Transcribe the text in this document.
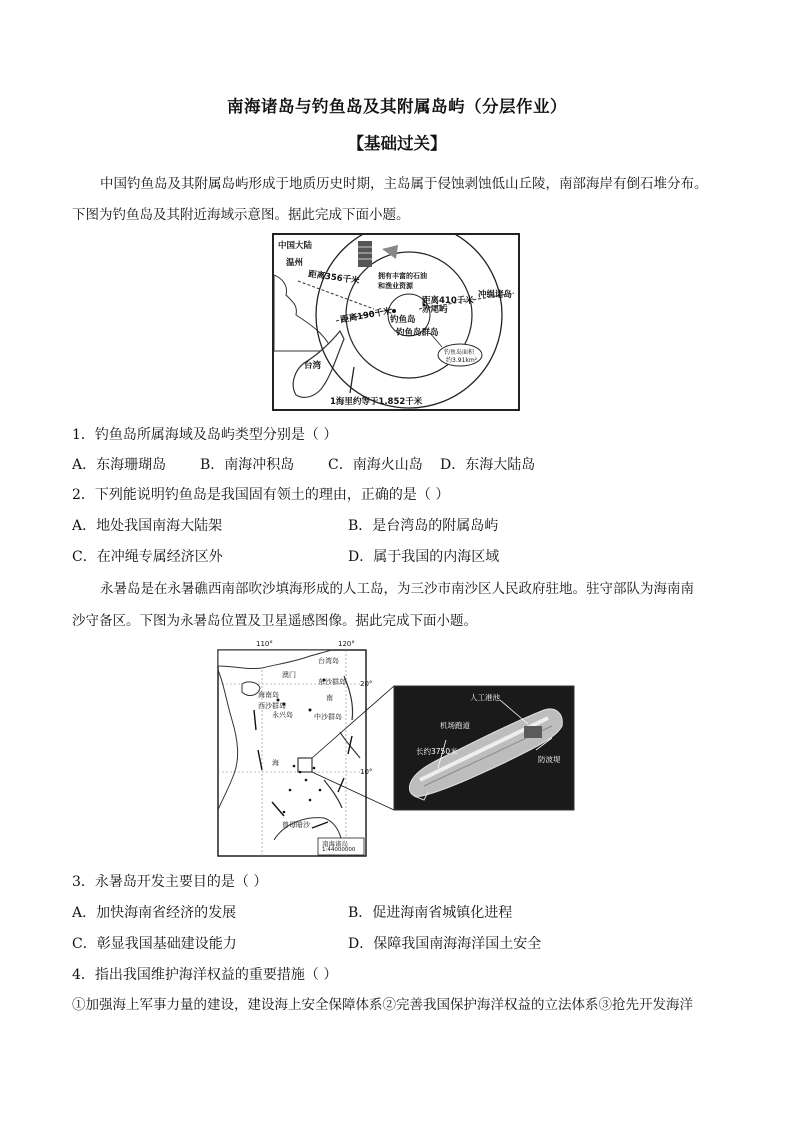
南海诸岛与钓鱼岛及其附属岛屿（分层作业）
【基础过关】
中国钓鱼岛及其附属岛屿形成于地质历史时期，主岛属于侵蚀剥蚀低山丘陵，南部海岸有倒石堆分布。
下图为钓鱼岛及其附近海域示意图。据此完成下面小题。
中国大陆
温州
距离356千米	拥有丰富的石油
和渔业资源
冲绳诸岛
距离410千米
距离190千米
钓鱼岛
赤尾屿
钓鱼岛群岛
钓鱼岛面积
约3.91km²
台湾
1海里约等于1.852千米
1．钓鱼岛所属海域及岛屿类型分别是（ ）
A．东海珊瑚岛 B．南海冲积岛 C．南海火山岛 D．东海大陆岛
2．下列能说明钓鱼岛是我国固有领土的理由，正确的是（ ）
A．地处我国南海大陆架	B．是台湾岛的附属岛屿
C．在冲绳专属经济区外	D．属于我国的内海区域
永暑岛是在永暑礁西南部吹沙填海形成的人工岛，为三沙市南沙区人民政府驻地。驻守部队为海南南
沙守备区。下图为永暑岛位置及卫星遥感图像。据此完成下面小题。
110°	120°
20°
10°
台湾岛
澳门
东沙群岛
海南岛
西沙群岛
永兴岛	中沙群岛
南
海
曾母暗沙
南海诸岛
1:44000000
人工港池
机场跑道
长约3750米
防波堤
3．永暑岛开发主要目的是（ ）
A．加快海南省经济的发展	B．促进海南省城镇化进程
C．彰显我国基础建设能力	D．保障我国南海海洋国土安全
4．指出我国维护海洋权益的重要措施（ ）
①加强海上军事力量的建设，建设海上安全保障体系②完善我国保护海洋权益的立法体系③抢先开发海洋
